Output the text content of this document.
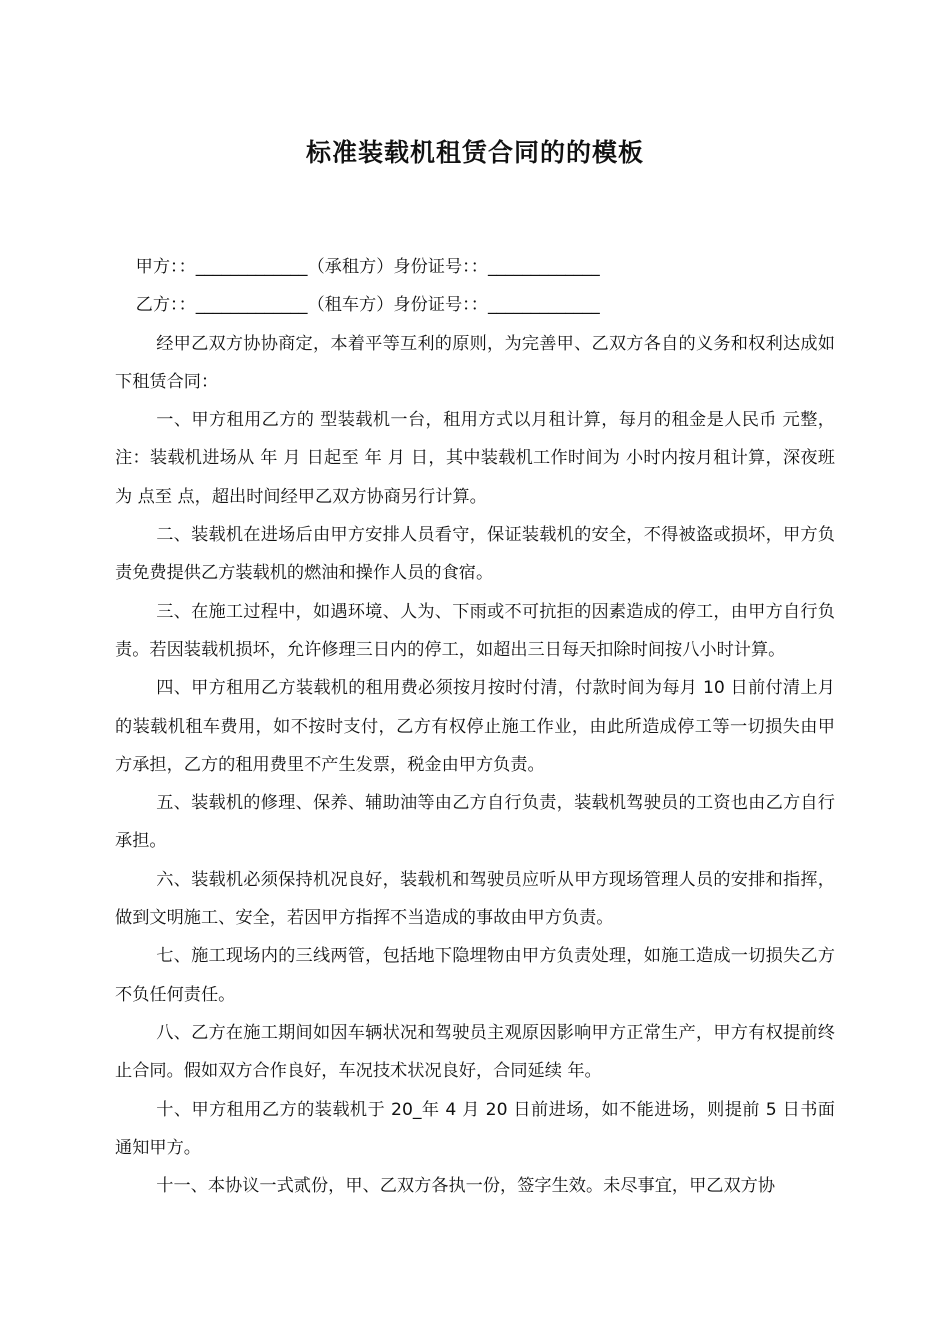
标准装载机租赁合同的的模板

甲方：：_____________（承租方）身份证号：：_____________

乙方：：_____________（租车方）身份证号：：_____________

经甲乙双方协协商定，本着平等互利的原则，为完善甲、乙双方各自的义务和权利达成如下租赁合同：

一、甲方租用乙方的 型装载机一台，租用方式以月租计算，每月的租金是人民币 元整，注：装载机进场从 年 月 日起至 年 月 日，其中装载机工作时间为 小时内按月租计算，深夜班为 点至 点，超出时间经甲乙双方协商另行计算。

二、装载机在进场后由甲方安排人员看守，保证装载机的安全，不得被盗或损坏，甲方负责免费提供乙方装载机的燃油和操作人员的食宿。

三、在施工过程中，如遇环境、人为、下雨或不可抗拒的因素造成的停工，由甲方自行负责。若因装载机损坏，允许修理三日内的停工，如超出三日每天扣除时间按八小时计算。

四、甲方租用乙方装载机的租用费必须按月按时付清，付款时间为每月 10 日前付清上月的装载机租车费用，如不按时支付，乙方有权停止施工作业，由此所造成停工等一切损失由甲方承担，乙方的租用费里不产生发票，税金由甲方负责。

五、装载机的修理、保养、辅助油等由乙方自行负责，装载机驾驶员的工资也由乙方自行承担。

六、装载机必须保持机况良好，装载机和驾驶员应听从甲方现场管理人员的安排和指挥，做到文明施工、安全，若因甲方指挥不当造成的事故由甲方负责。

七、施工现场内的三线两管，包括地下隐埋物由甲方负责处理，如施工造成一切损失乙方不负任何责任。

八、乙方在施工期间如因车辆状况和驾驶员主观原因影响甲方正常生产，甲方有权提前终止合同。假如双方合作良好，车况技术状况良好，合同延续 年。

十、甲方租用乙方的装载机于 20_年 4 月 20 日前进场，如不能进场，则提前 5 日书面通知甲方。

十一、本协议一式贰份，甲、乙双方各执一份，签字生效。未尽事宜，甲乙双方协
